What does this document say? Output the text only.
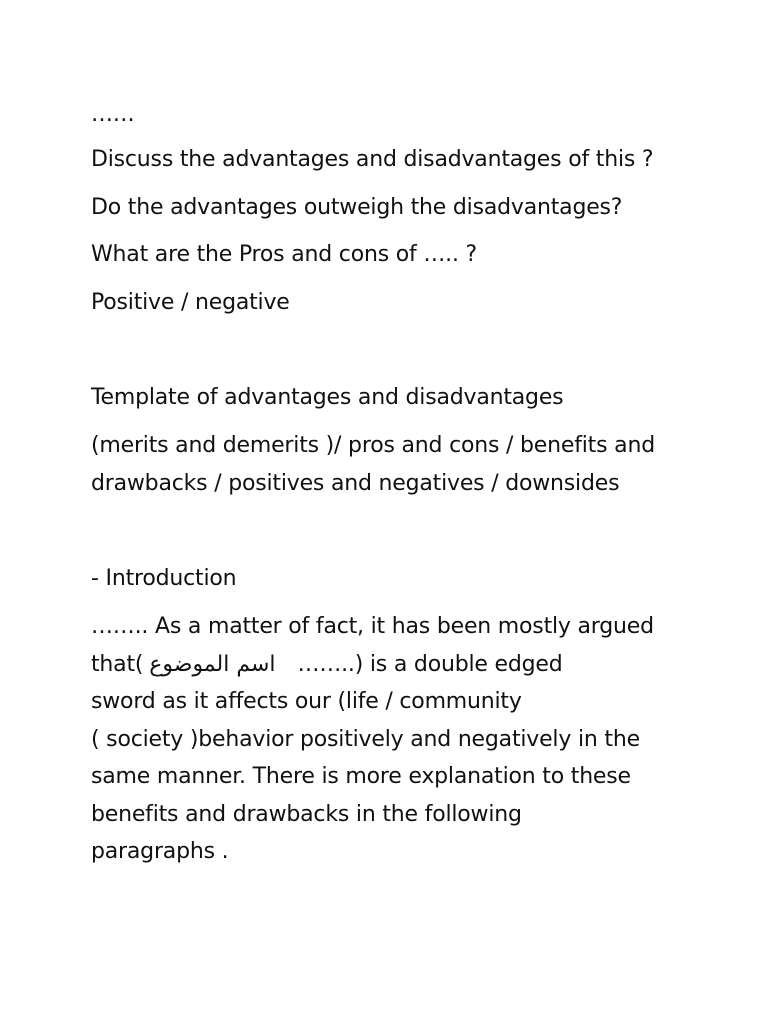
……
Discuss the advantages and disadvantages of this ?
Do the advantages outweigh the disadvantages?
What are the Pros and cons of ….. ?
Positive / negative
Template of advantages and disadvantages
(merits and demerits )/ pros and cons / benefits and
drawbacks / positives and negatives / downsides
- Introduction
…….. As a matter of fact, it has been mostly argued
that( اسم الموضوع ……..) is a double edged
sword as it affects our (life / community
( society )behavior positively and negatively in the
same manner. There is more explanation to these
benefits and drawbacks in the following
paragraphs .
